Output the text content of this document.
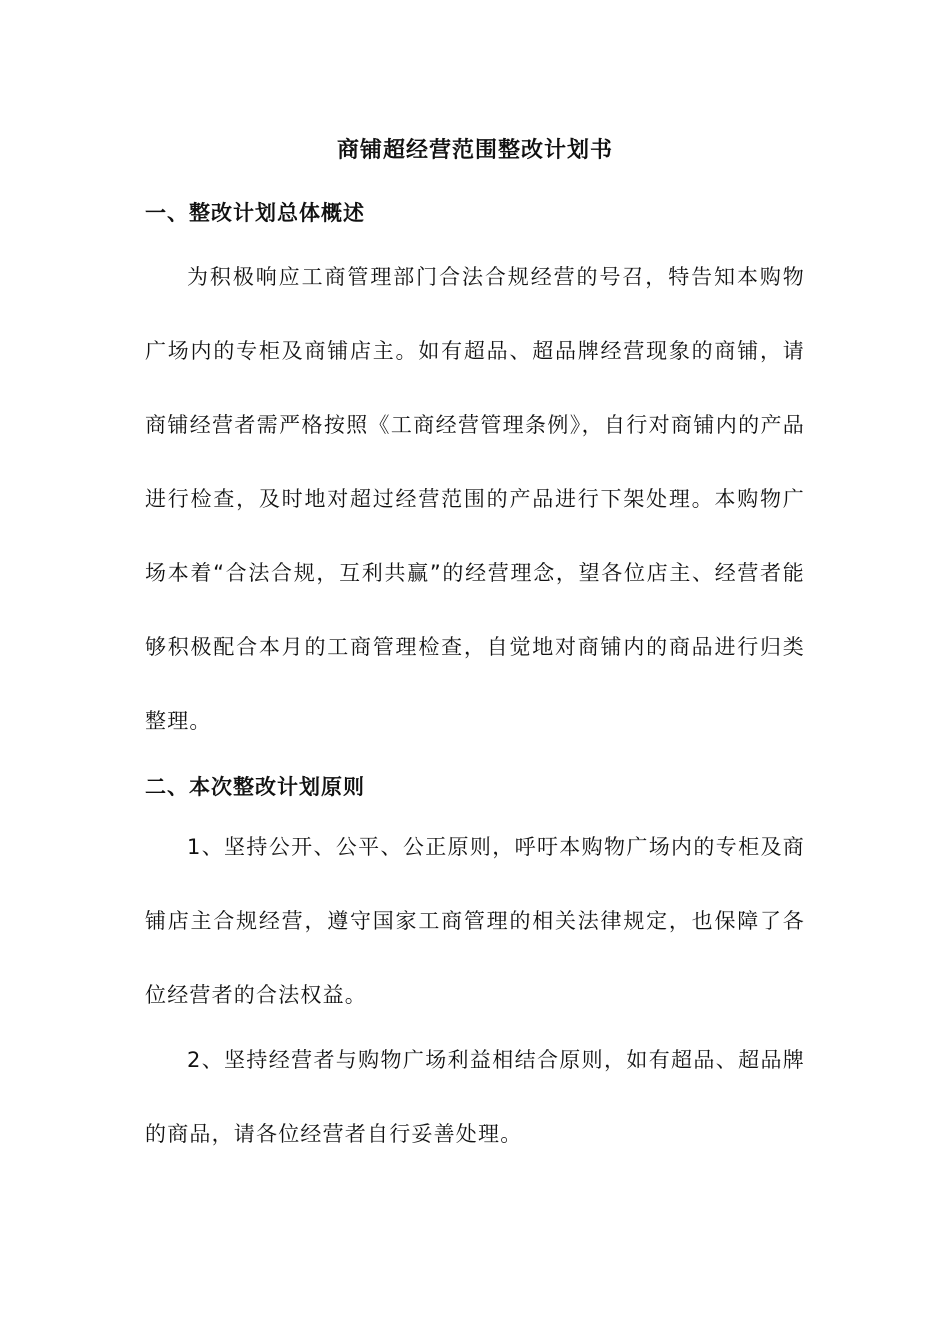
商铺超经营范围整改计划书
一、整改计划总体概述
为积极响应工商管理部门合法合规经营的号召，特告知本购物广场内的专柜及商铺店主。如有超品、超品牌经营现象的商铺，请商铺经营者需严格按照《工商经营管理条例》，自行对商铺内的产品进行检查，及时地对超过经营范围的产品进行下架处理。本购物广场本着“合法合规，互利共赢”的经营理念，望各位店主、经营者能够积极配合本月的工商管理检查，自觉地对商铺内的商品进行归类整理。
二、本次整改计划原则
1、坚持公开、公平、公正原则，呼吁本购物广场内的专柜及商铺店主合规经营，遵守国家工商管理的相关法律规定，也保障了各位经营者的合法权益。
2、坚持经营者与购物广场利益相结合原则，如有超品、超品牌的商品，请各位经营者自行妥善处理。
